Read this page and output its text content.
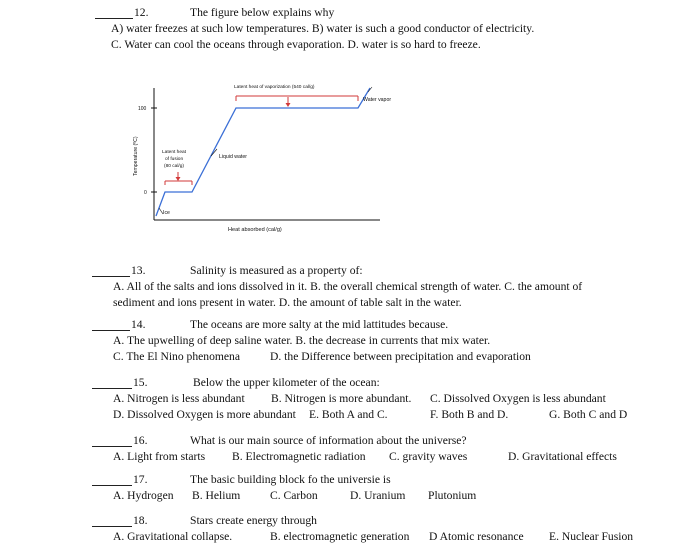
12.	The figure below explains why
A) water freezes at such low temperatures. B) water is such a good conductor of electricity.
C. Water can cool the oceans through evaporation. D. water is so hard to freeze.
100
0
Temperature (ºC)
Heat absorbed (cal/g)
Latent heat of vaporization (540 cal/g)
Water vapor
Liquid water
Latent heat
of fusion
(80 cal/g)
Ice
13.	Salinity is measured as a property of:
A. All of the salts and ions dissolved in it. B. the overall chemical strength of water. C. the amount of
sediment and ions present in water. D. the amount of table salt in the water.
14.	The oceans are more salty at the mid lattitudes because.
A. The upwelling of deep saline water. B. the decrease in currents that mix water.
C. The El Nino phenomena	D. the Difference between precipitation and evaporation
15.	Below the upper kilometer of the ocean:
A. Nitrogen is less abundant B. Nitrogen is more abundant. C. Dissolved Oxygen is less abundant
D. Dissolved Oxygen is more abundant E. Both A and C.	F. Both B and D.	G. Both C and D
16.	What is our main source of information about the universe?
A. Light from starts B. Electromagnetic radiation C. gravity waves	D. Gravitational effects
17.	The basic building block fo the universie is
A. Hydrogen B. Helium	C. Carbon	D. Uranium Plutonium
18.	Stars create energy through
A. Gravitational collapse.	B. electromagnetic generation D Atomic resonance E. Nuclear Fusion
